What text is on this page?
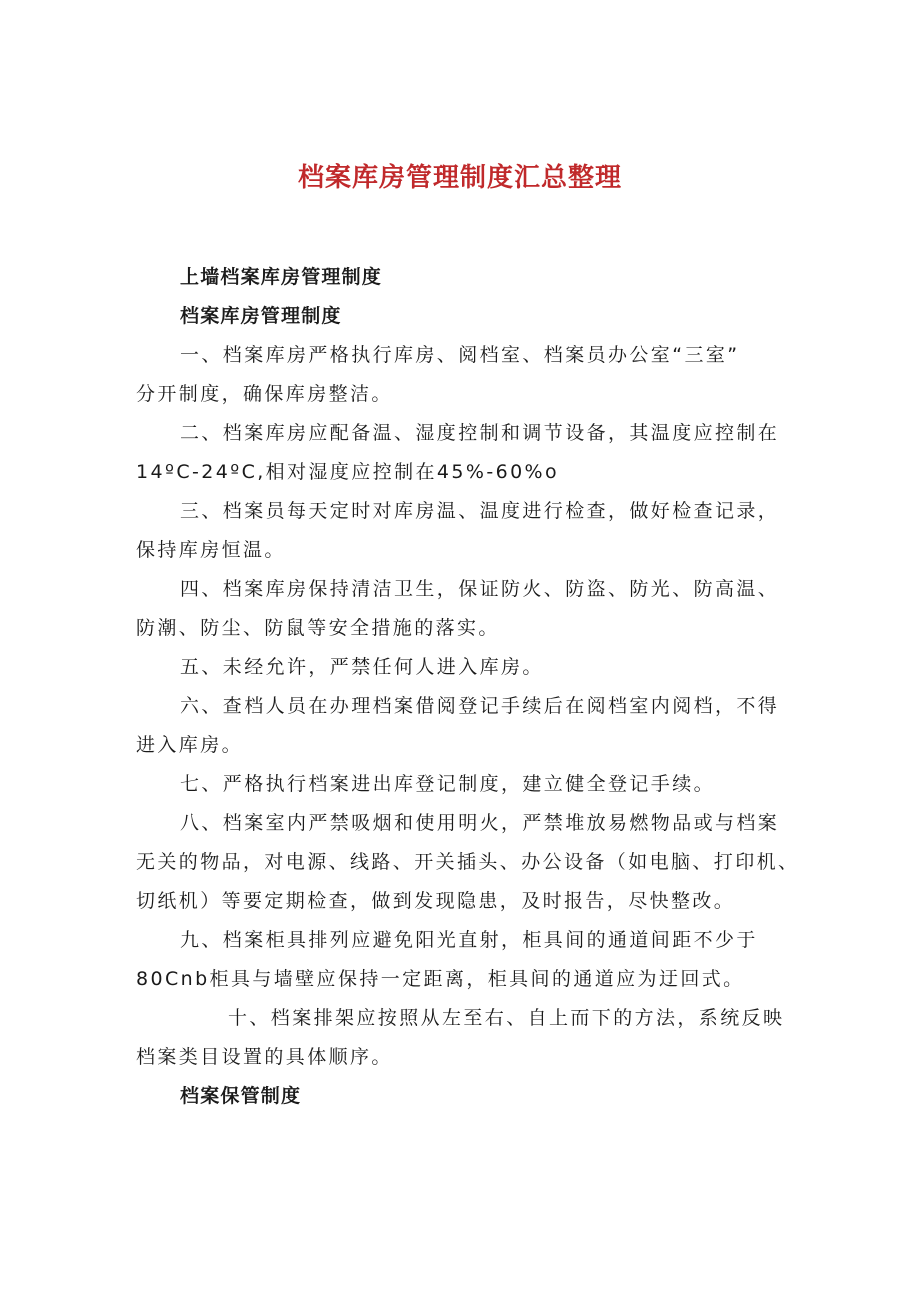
档案库房管理制度汇总整理
上墙档案库房管理制度
档案库房管理制度
一、档案库房严格执行库房、阅档室、档案员办公室“三室”
分开制度，确保库房整洁。
二、档案库房应配备温、湿度控制和调节设备，其温度应控制在
14ºC-24ºC,相对湿度应控制在45%-60%o
三、档案员每天定时对库房温、温度进行检查，做好检查记录，
保持库房恒温。
四、档案库房保持清洁卫生，保证防火、防盗、防光、防高温、
防潮、防尘、防鼠等安全措施的落实。
五、未经允许，严禁任何人进入库房。
六、查档人员在办理档案借阅登记手续后在阅档室内阅档，不得
进入库房。
七、严格执行档案进出库登记制度，建立健全登记手续。
八、档案室内严禁吸烟和使用明火，严禁堆放易燃物品或与档案
无关的物品，对电源、线路、开关插头、办公设备（如电脑、打印机、
切纸机）等要定期检查，做到发现隐患，及时报告，尽快整改。
九、档案柜具排列应避免阳光直射，柜具间的通道间距不少于
80Cnb柜具与墙壁应保持一定距离，柜具间的通道应为迂回式。
十、档案排架应按照从左至右、自上而下的方法，系统反映
档案类目设置的具体顺序。
档案保管制度
